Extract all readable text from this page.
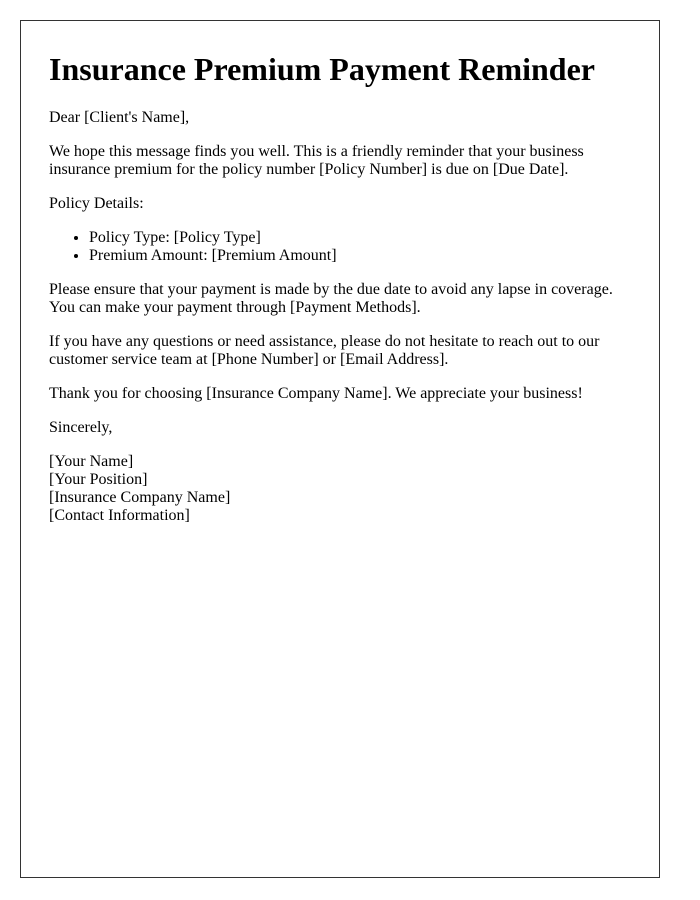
Insurance Premium Payment Reminder

Dear [Client's Name],

We hope this message finds you well. This is a friendly reminder that your business insurance premium for the policy number [Policy Number] is due on [Due Date].

Policy Details:

• Policy Type: [Policy Type]
• Premium Amount: [Premium Amount]

Please ensure that your payment is made by the due date to avoid any lapse in coverage. You can make your payment through [Payment Methods].

If you have any questions or need assistance, please do not hesitate to reach out to our customer service team at [Phone Number] or [Email Address].

Thank you for choosing [Insurance Company Name]. We appreciate your business!

Sincerely,

[Your Name]
[Your Position]
[Insurance Company Name]
[Contact Information]
